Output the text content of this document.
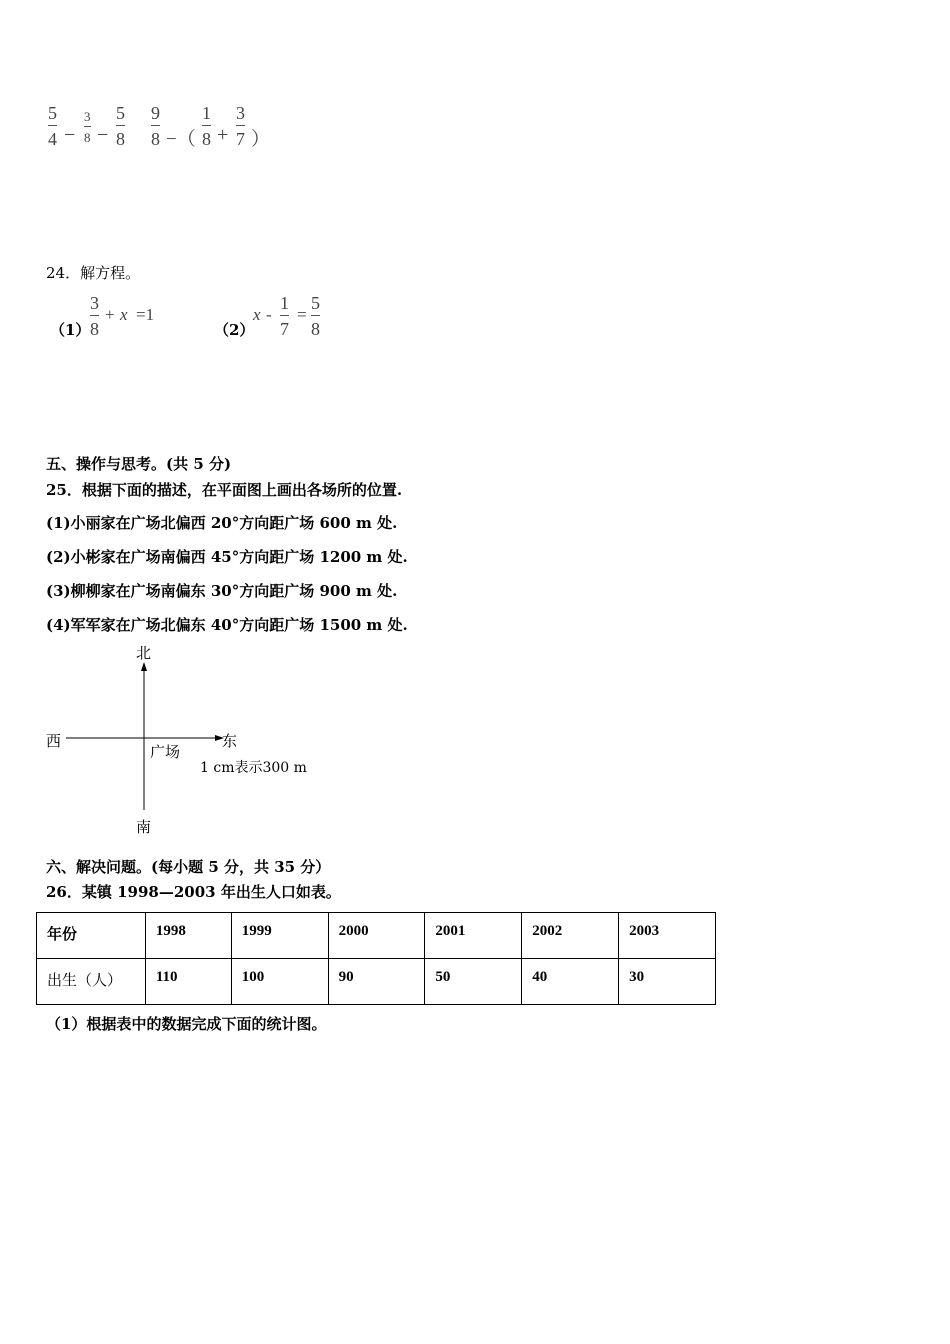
5
4 −
3
8 −
5
8
9
8 −（
1
8 +
3
7 ）
24．解方程。
（1）
3
8
+ x =1
（2）
x -
1
7
=
5
8
五、操作与思考。(共 5 分)
25．根据下面的描述，在平面图上画出各场所的位置.
(1)小丽家在广场北偏西 20°方向距广场 600 m 处.
(2)小彬家在广场南偏西 45°方向距广场 1200 m 处.
(3)柳柳家在广场南偏东 30°方向距广场 900 m 处.
(4)军军家在广场北偏东 40°方向距广场 1500 m 处.
北
南
西	东
广场
1 cm表示300 m
六、解决问题。(每小题 5 分，共 35 分）
26．某镇 1998—2003 年出生人口如表。
年份	1998	1999	2000	2001	2002	2003
出生（人）	110	100	90	50	40	30
（1）根据表中的数据完成下面的统计图。
